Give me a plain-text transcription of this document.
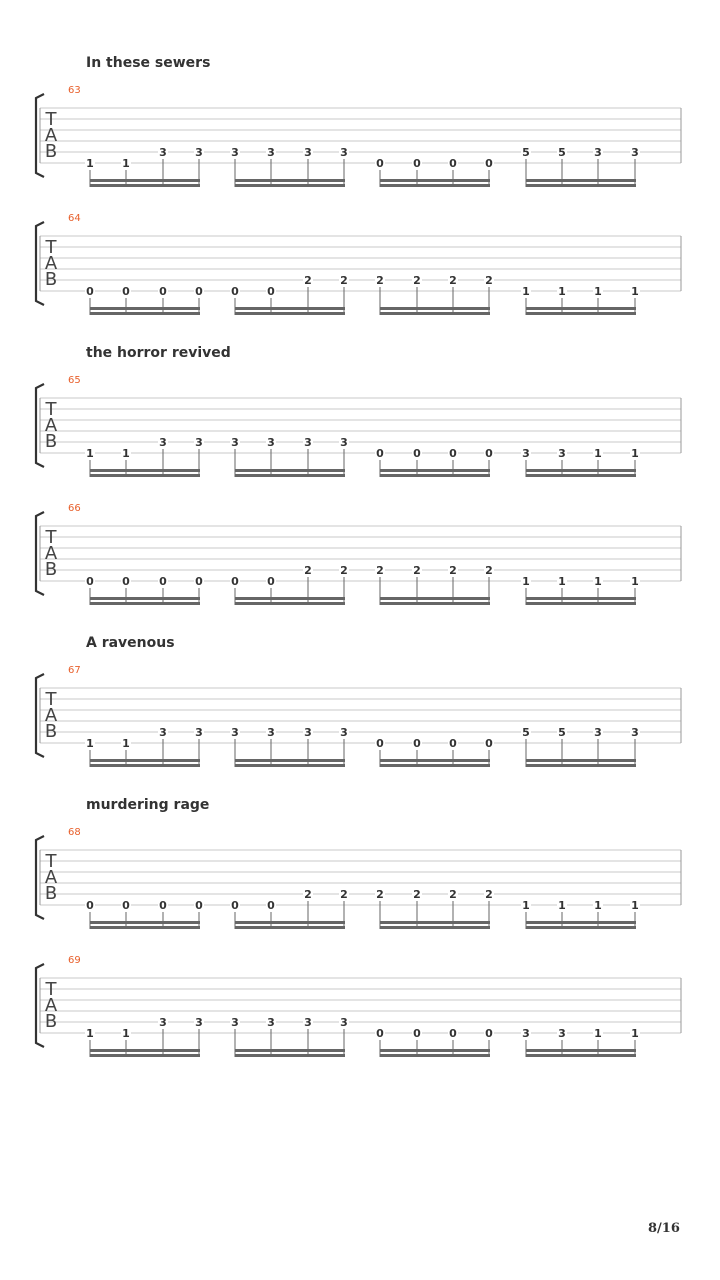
T
A
B
1	1
3	3	3	3	3	3
0	0	0	0
5	5	3	3
T
A
B
0	0	0	0	0	0
2	2	2	2	2	2
1	1	1	1
T
A
B
1	1
3	3	3	3	3	3
0	0	0	0	3	3	1	1
T
A
B
0	0	0	0	0	0
2	2	2	2	2	2
1	1	1	1
T
A
B
1	1
3	3	3	3	3	3
0	0	0	0
5	5	3	3
T
A
B
0	0	0	0	0	0
2	2	2	2	2	2
1	1	1	1
T
A
B
1	1
3	3	3	3	3	3
0	0	0	0	3	3	1	1
63
In these sewers
64
65
the horror revived
66
67
A ravenous
68
murdering rage
69
8/16
